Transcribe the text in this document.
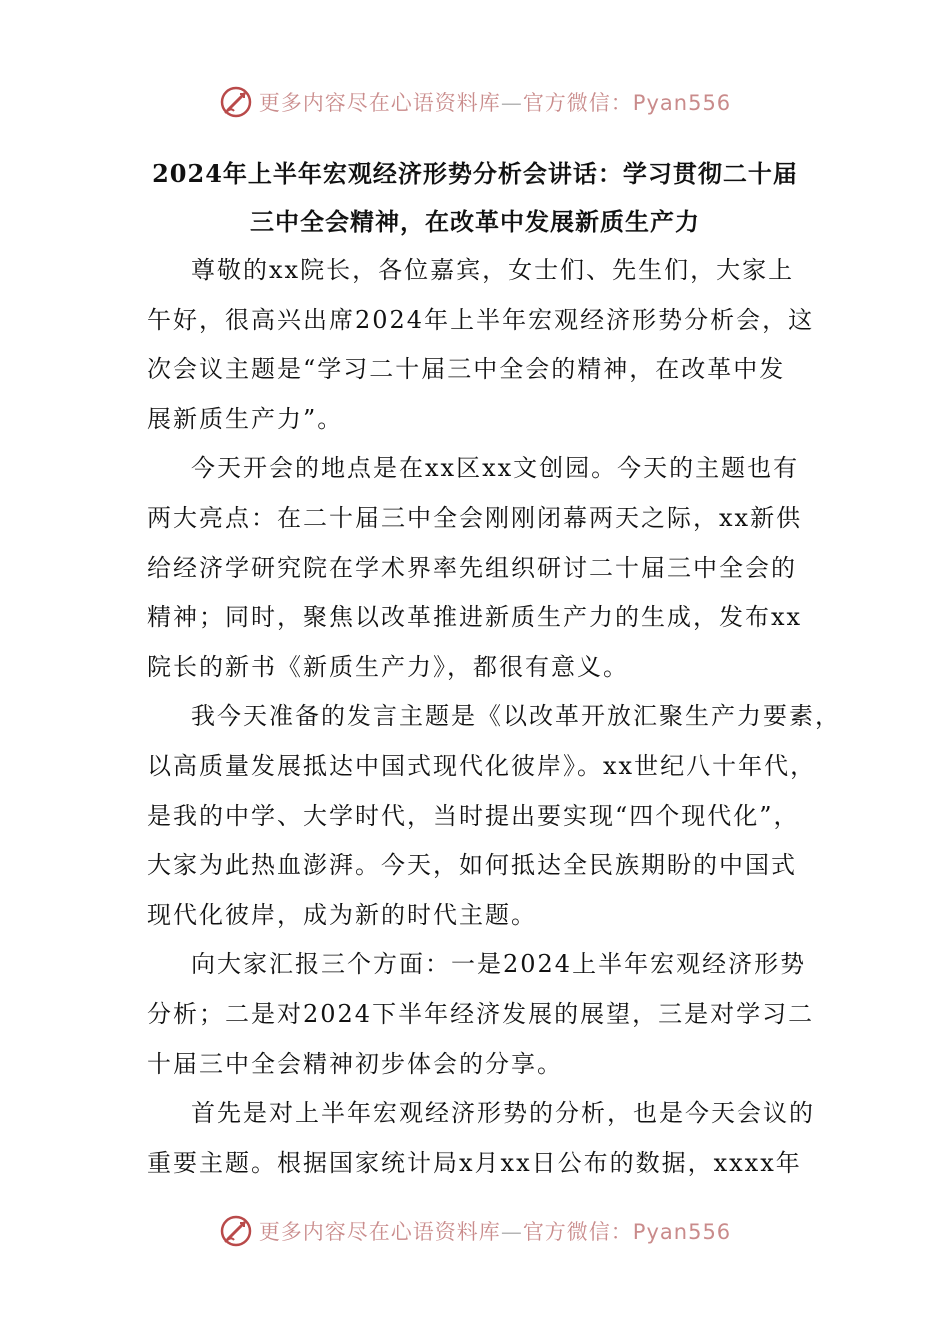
更多内容尽在心语资料库—官方微信：Pyan556
2024年上半年宏观经济形势分析会讲话：学习贯彻二十届
三中全会精神，在改革中发展新质生产力

尊敬的xx院长，各位嘉宾，女士们、先生们，大家上
午好，很高兴出席2024年上半年宏观经济形势分析会，这
次会议主题是“学习二十届三中全会的精神，在改革中发
展新质生产力”。

今天开会的地点是在xx区xx文创园。今天的主题也有
两大亮点：在二十届三中全会刚刚闭幕两天之际，xx新供
给经济学研究院在学术界率先组织研讨二十届三中全会的
精神；同时，聚焦以改革推进新质生产力的生成，发布xx
院长的新书《新质生产力》，都很有意义。

我今天准备的发言主题是《以改革开放汇聚生产力要素，
以高质量发展抵达中国式现代化彼岸》。xx世纪八十年代，
是我的中学、大学时代，当时提出要实现“四个现代化”，
大家为此热血澎湃。今天，如何抵达全民族期盼的中国式
现代化彼岸，成为新的时代主题。

向大家汇报三个方面：一是2024上半年宏观经济形势
分析；二是对2024下半年经济发展的展望，三是对学习二
十届三中全会精神初步体会的分享。

首先是对上半年宏观经济形势的分析，也是今天会议的
重要主题。根据国家统计局x月xx日公布的数据，xxxx年

更多内容尽在心语资料库—官方微信：Pyan556
